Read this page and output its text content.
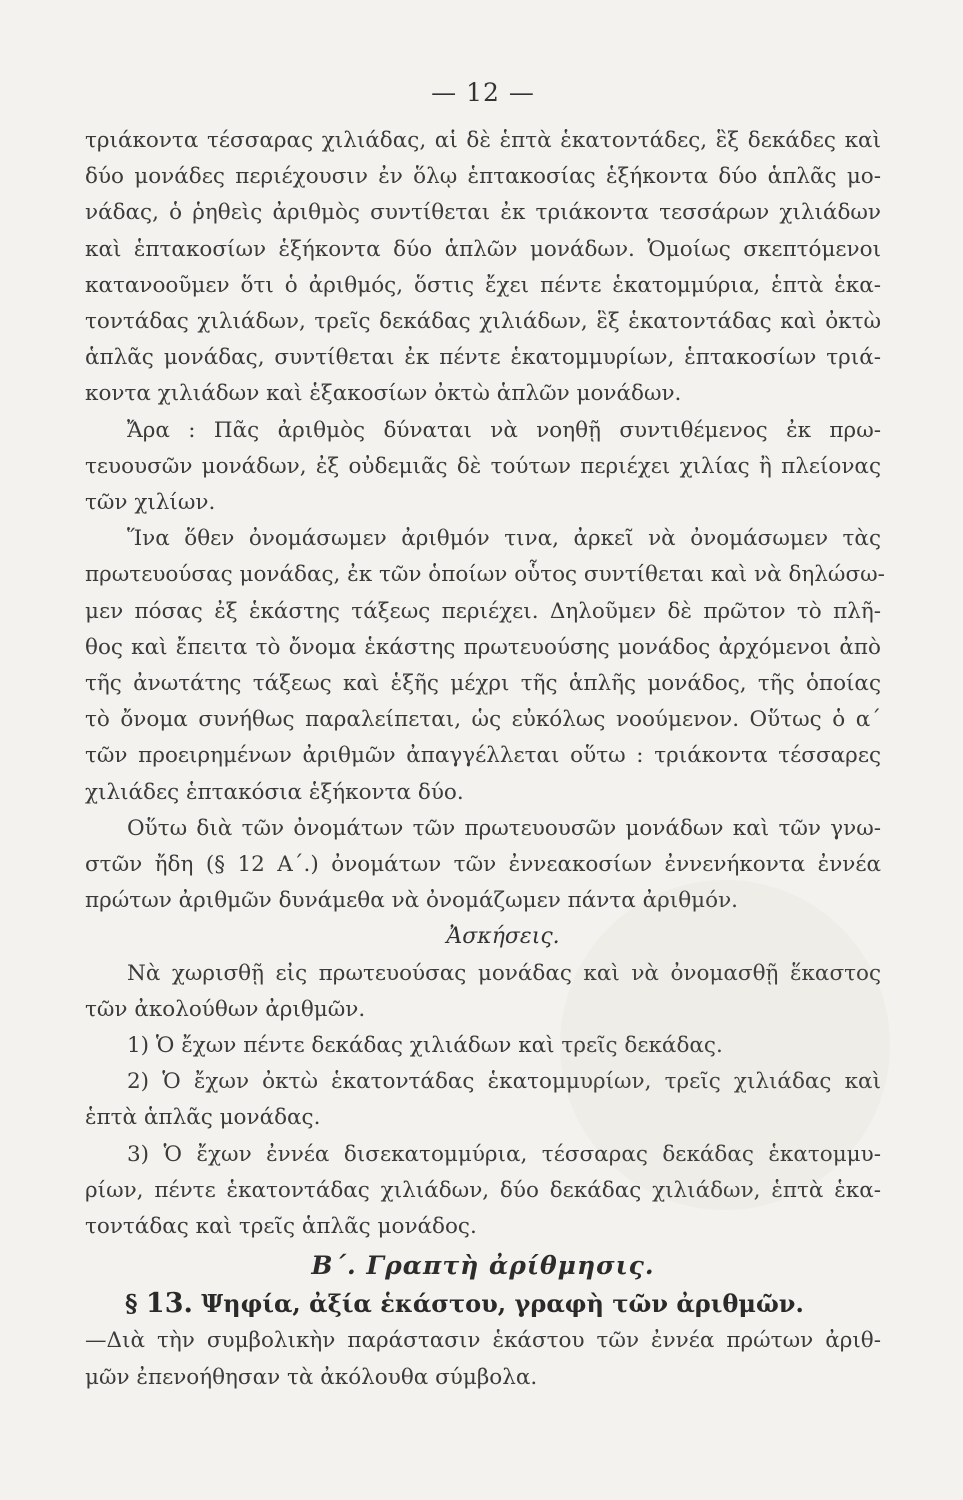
— 12 —
τριάκοντα τέσσαρας χιλιάδας, αἱ δὲ ἑπτὰ ἑκατοντάδες, ἓξ δεκάδες καὶ
δύο μονάδες περιέχουσιν ἐν ὅλῳ ἑπτακοσίας ἑξήκοντα δύο ἁπλᾶς μο-
νάδας, ὁ ῥηθεὶς ἀριθμὸς συντίθεται ἐκ τριάκοντα τεσσάρων χιλιάδων
καὶ ἑπτακοσίων ἑξήκοντα δύο ἁπλῶν μονάδων. Ὁμοίως σκεπτόμενοι
κατανοοῦμεν ὅτι ὁ ἀριθμός, ὅστις ἔχει πέντε ἑκατομμύρια, ἑπτὰ ἑκα-
τοντάδας χιλιάδων, τρεῖς δεκάδας χιλιάδων, ἓξ ἑκατοντάδας καὶ ὀκτὼ
ἁπλᾶς μονάδας, συντίθεται ἐκ πέντε ἑκατομμυρίων, ἑπτακοσίων τριά-
κοντα χιλιάδων καὶ ἑξακοσίων ὀκτὼ ἁπλῶν μονάδων.
Ἄρα : Πᾶς ἀριθμὸς δύναται νὰ νοηθῇ συντιθέμενος ἐκ πρω-
τευουσῶν μονάδων, ἐξ οὐδεμιᾶς δὲ τούτων περιέχει χιλίας ἢ πλείονας
τῶν χιλίων.
Ἵνα ὅθεν ὀνομάσωμεν ἀριθμόν τινα, ἀρκεῖ νὰ ὀνομάσωμεν τὰς
πρωτευούσας μονάδας, ἐκ τῶν ὁποίων οὗτος συντίθεται καὶ νὰ δηλώσω-
μεν πόσας ἐξ ἑκάστης τάξεως περιέχει. Δηλοῦμεν δὲ πρῶτον τὸ πλῆ-
θος καὶ ἔπειτα τὸ ὄνομα ἑκάστης πρωτευούσης μονάδος ἀρχόμενοι ἀπὸ
τῆς ἀνωτάτης τάξεως καὶ ἑξῆς μέχρι τῆς ἁπλῆς μονάδος, τῆς ὁποίας
τὸ ὄνομα συνήθως παραλείπεται, ὡς εὐκόλως νοούμενον. Οὕτως ὁ α΄
τῶν προειρημένων ἀριθμῶν ἀπαγγέλλεται οὕτω : τριάκοντα τέσσαρες
χιλιάδες ἑπτακόσια ἑξήκοντα δύο.
Οὕτω διὰ τῶν ὀνομάτων τῶν πρωτευουσῶν μονάδων καὶ τῶν γνω-
στῶν ἤδη (§ 12 Α΄.) ὀνομάτων τῶν ἐννεακοσίων ἐννενήκοντα ἐννέα
πρώτων ἀριθμῶν δυνάμεθα νὰ ὀνομάζωμεν πάντα ἀριθμόν.
Ἀσκήσεις.
Νὰ χωρισθῇ εἰς πρωτευούσας μονάδας καὶ νὰ ὀνομασθῇ ἕκαστος
τῶν ἀκολούθων ἀριθμῶν.
1) Ὁ ἔχων πέντε δεκάδας χιλιάδων καὶ τρεῖς δεκάδας.
2) Ὁ ἔχων ὀκτὼ ἑκατοντάδας ἑκατομμυρίων, τρεῖς χιλιάδας καὶ
ἑπτὰ ἁπλᾶς μονάδας.
3) Ὁ ἔχων ἐννέα δισεκατομμύρια, τέσσαρας δεκάδας ἑκατομμυ-
ρίων, πέντε ἑκατοντάδας χιλιάδων, δύο δεκάδας χιλιάδων, ἑπτὰ ἑκα-
τοντάδας καὶ τρεῖς ἁπλᾶς μονάδος.
Β΄. Γραπτὴ ἀρίθμησις.
§ 13. Ψηφία, ἀξία ἑκάστου, γραφὴ τῶν ἀριθμῶν.
—Διὰ τὴν συμβολικὴν παράστασιν ἑκάστου τῶν ἐννέα πρώτων ἀριθ-
μῶν ἐπενοήθησαν τὰ ἀκόλουθα σύμβολα.
